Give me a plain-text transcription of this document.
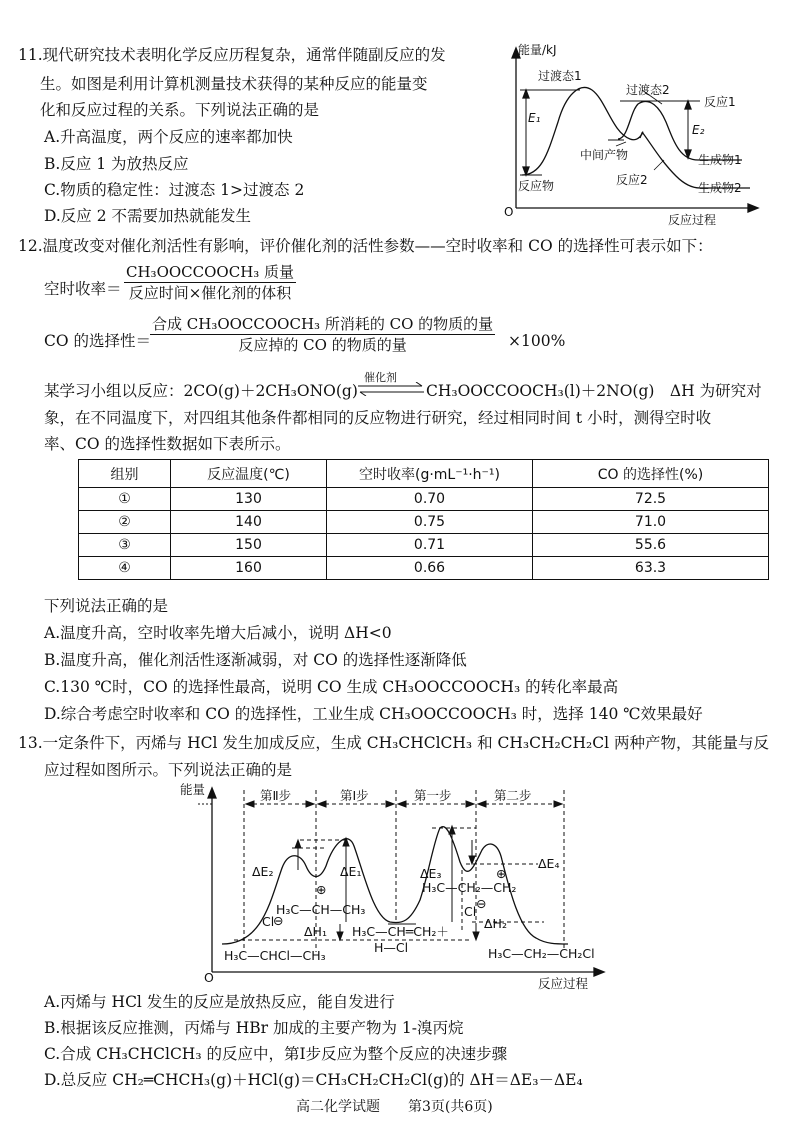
11.现代研究技术表明化学反应历程复杂，通常伴随副反应的发
生。如图是利用计算机测量技术获得的某种反应的能量变
化和反应过程的关系。下列说法正确的是
A.升高温度，两个反应的速率都加快
B.反应 1 为放热反应
C.物质的稳定性：过渡态 1>过渡态 2
D.反应 2 不需要加热就能发生	O
能量/kJ
反应过程
过渡态1
过渡态2
反应1
中间产物
反应2
反应物
生成物1
生成物2
E₁
E₂
12.温度改变对催化剂活性有影响，评价催化剂的活性参数——空时收率和 CO 的选择性可表示如下：
空时收率＝
CH₃OOCCOOCH₃ 质量
反应时间×催化剂的体积
CO 的选择性＝
合成 CH₃OOCCOOCH₃ 所消耗的 CO 的物质的量
反应掉的 CO 的物质的量	×100%
某学习小组以反应：2CO(g)＋2CH₃ONO(g)
催化剂
CH₃OOCCOOCH₃(l)＋2NO(g)　ΔH 为研究对
象，在不同温度下，对四组其他条件都相同的反应物进行研究，经过相同时间 t 小时，测得空时收
率、CO 的选择性数据如下表所示。
组别	反应温度(℃)	空时收率(g·mL⁻¹·h⁻¹)	CO 的选择性(%)
①	130	0.70	72.5
②	140	0.75	71.0
③	150	0.71	55.6
④	160	0.66	63.3
下列说法正确的是
A.温度升高，空时收率先增大后减小，说明 ΔH<0
B.温度升高，催化剂活性逐渐减弱，对 CO 的选择性逐渐降低
C.130 ℃时，CO 的选择性最高，说明 CO 生成 CH₃OOCCOOCH₃ 的转化率最高
D.综合考虑空时收率和 CO 的选择性，工业生成 CH₃OOCCOOCH₃ 时，选择 140 ℃效果最好
13.一定条件下，丙烯与 HCl 发生加成反应，生成 CH₃CHClCH₃ 和 CH₃CH₂CH₂Cl 两种产物，其能量与反
应过程如图所示。下列说法正确的是
能量
O	反应过程
第Ⅱ步	第Ⅰ步	第一步	第二步
ΔE₂	ΔE₁	ΔE₃
ΔE₄
ΔH₁
ΔH₂
⊕
⊕
H₃C—CH—CH₃
Cl
⊖
H₃C—CH₂—CH₂
Cl
⊖
H₃C—CH═CH₂＋
H—Cl
H₃C—CHCl—CH₃	H₃C—CH₂—CH₂Cl
A.丙烯与 HCl 发生的反应是放热反应，能自发进行
B.根据该反应推测，丙烯与 HBr 加成的主要产物为 1-溴丙烷
C.合成 CH₃CHClCH₃ 的反应中，第Ⅰ步反应为整个反应的决速步骤
D.总反应 CH₂═CHCH₃(g)＋HCl(g)＝CH₃CH₂CH₂Cl(g)的 ΔH＝ΔE₃－ΔE₄
高二化学试题　　第3页(共6页)
